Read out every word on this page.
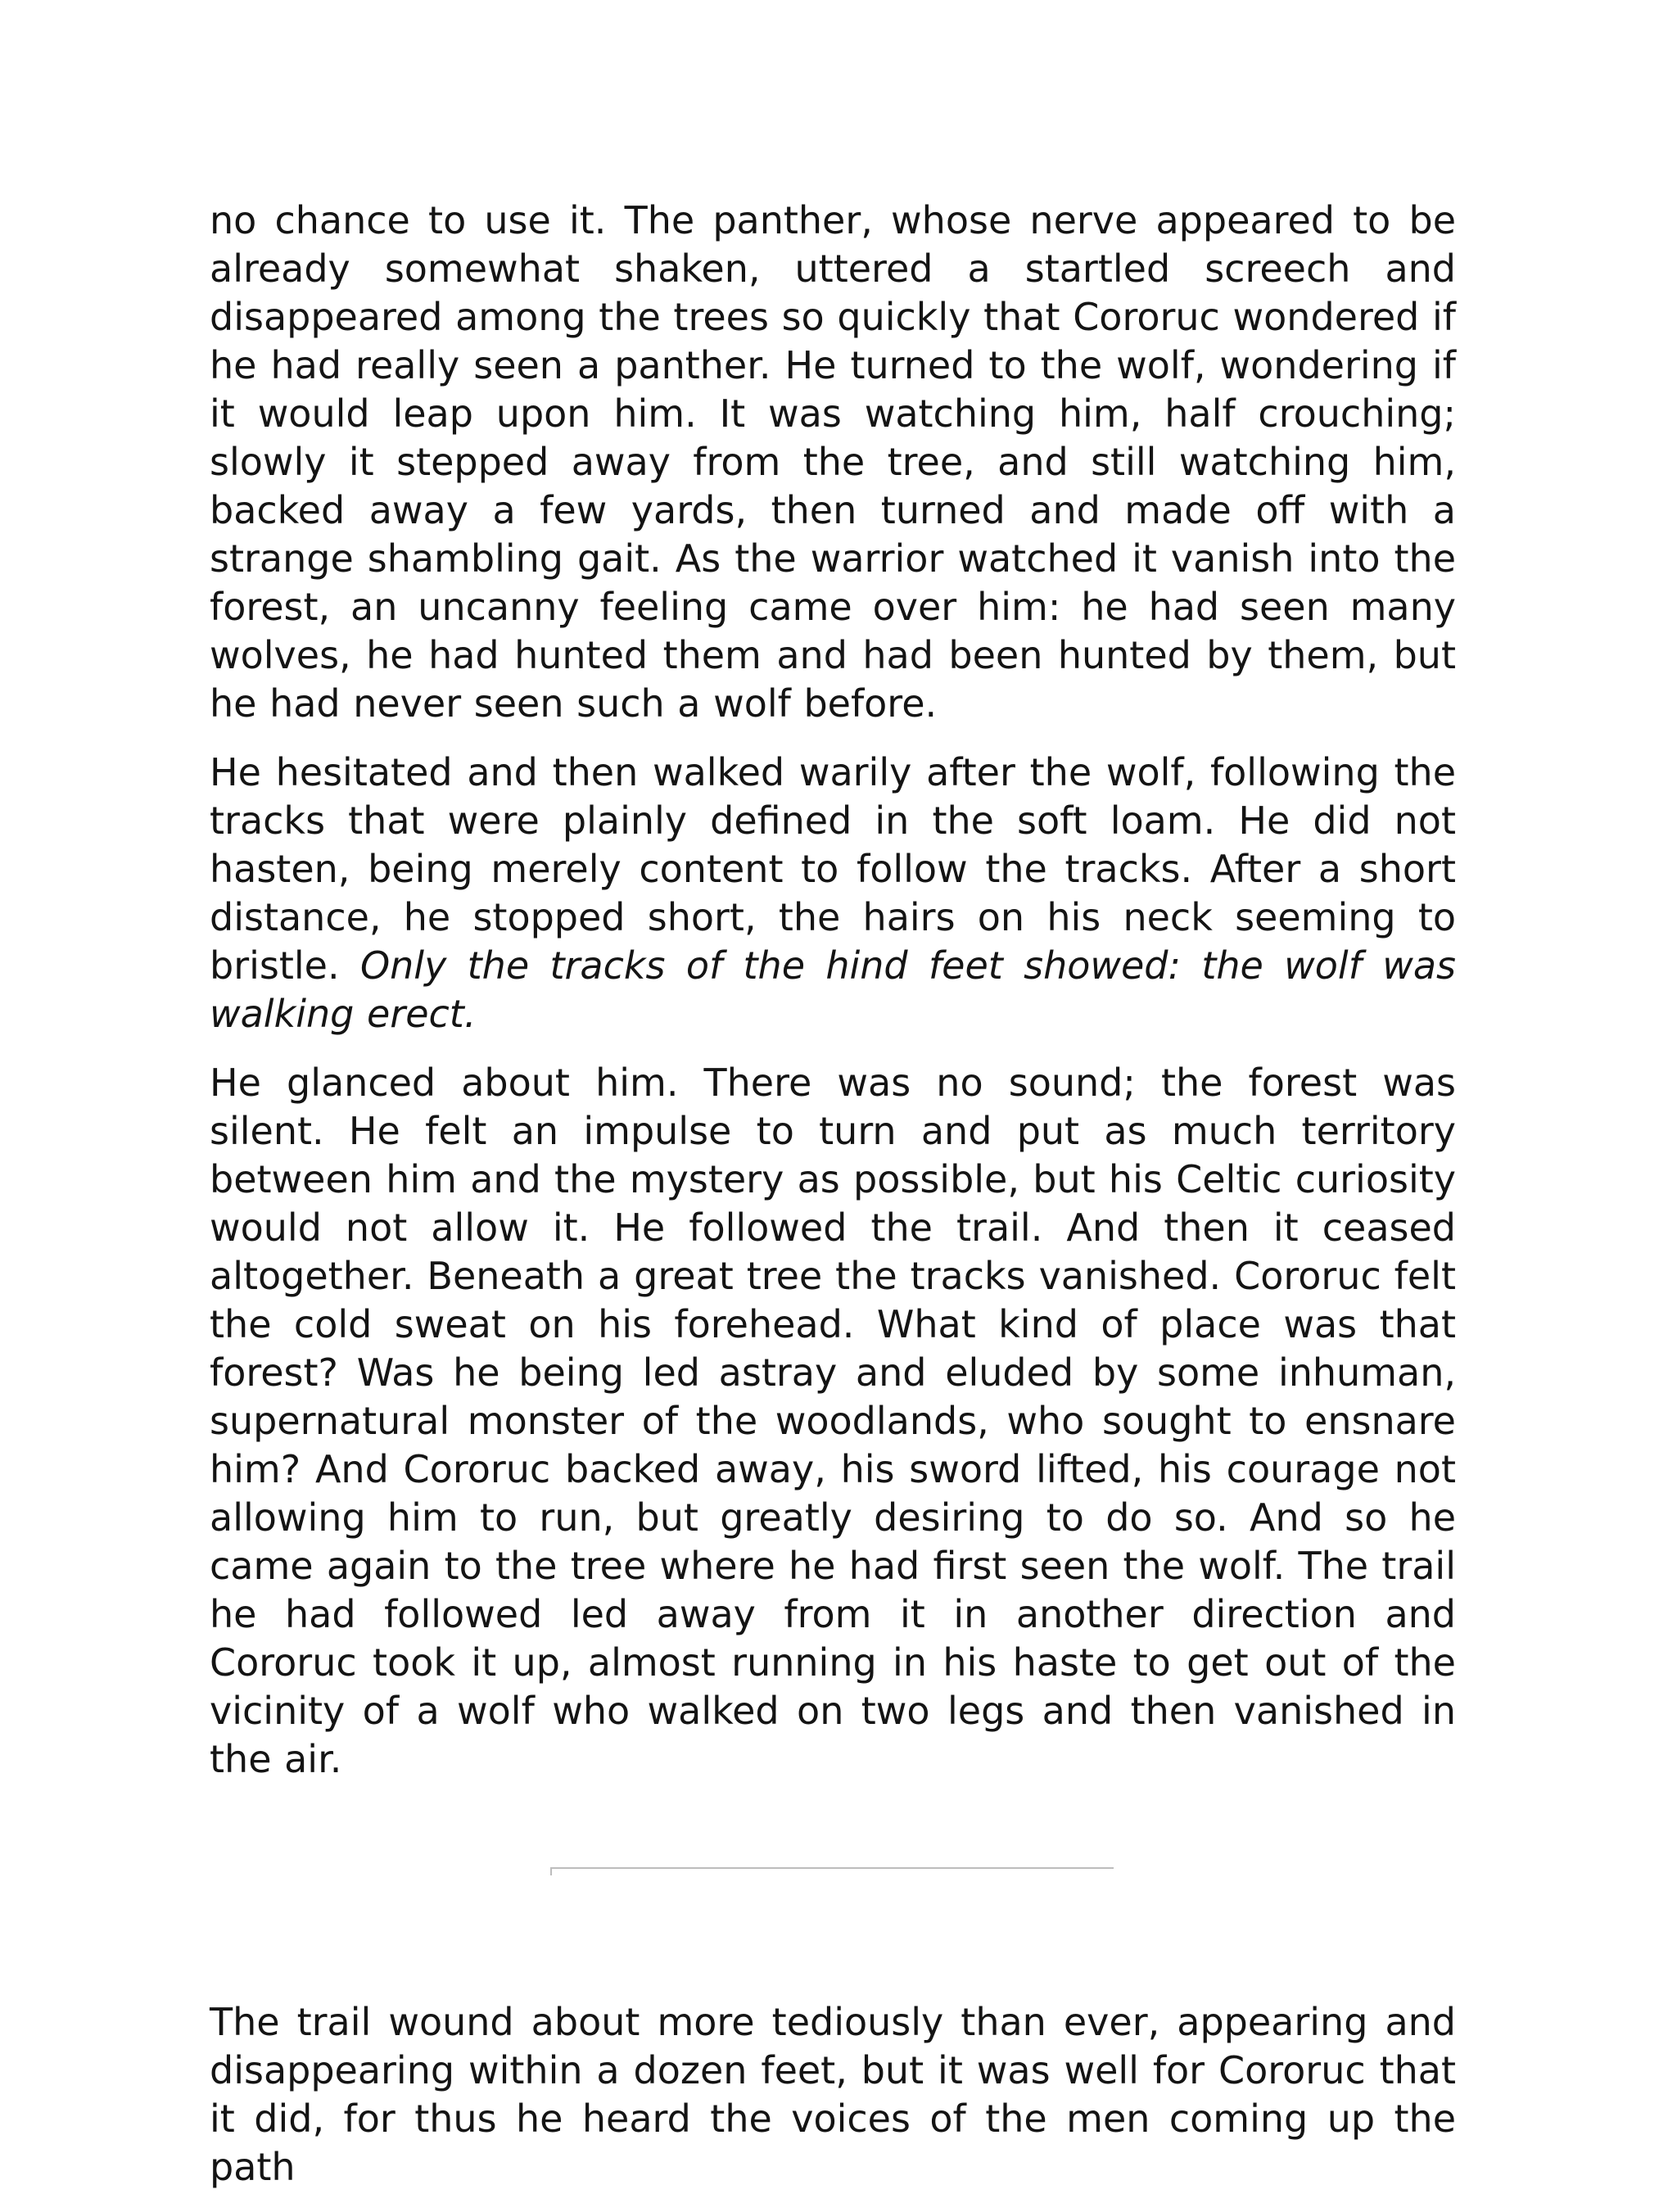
no chance to use it. The panther, whose nerve appeared to be already somewhat shaken, uttered a startled screech and disappeared among the trees so quickly that Cororuc wondered if he had really seen a panther. He turned to the wolf, wondering if it would leap upon him. It was watching him, half crouching; slowly it stepped away from the tree, and still watching him, backed away a few yards, then turned and made off with a strange shambling gait. As the warrior watched it vanish into the forest, an uncanny feeling came over him: he had seen many wolves, he had hunted them and had been hunted by them, but he had never seen such a wolf before.

He hesitated and then walked warily after the wolf, following the tracks that were plainly defined in the soft loam. He did not hasten, being merely content to follow the tracks. After a short distance, he stopped short, the hairs on his neck seeming to bristle. Only the tracks of the hind feet showed: the wolf was walking erect.

He glanced about him. There was no sound; the forest was silent. He felt an impulse to turn and put as much territory between him and the mystery as possible, but his Celtic curiosity would not allow it. He followed the trail. And then it ceased altogether. Beneath a great tree the tracks vanished. Cororuc felt the cold sweat on his forehead. What kind of place was that forest? Was he being led astray and eluded by some inhuman, supernatural monster of the woodlands, who sought to ensnare him? And Cororuc backed away, his sword lifted, his courage not allowing him to run, but greatly desiring to do so. And so he came again to the tree where he had first seen the wolf. The trail he had followed led away from it in another direction and Cororuc took it up, almost running in his haste to get out of the vicinity of a wolf who walked on two legs and then vanished in the air.

The trail wound about more tediously than ever, appearing and disappearing within a dozen feet, but it was well for Cororuc that it did, for thus he heard the voices of the men coming up the path
